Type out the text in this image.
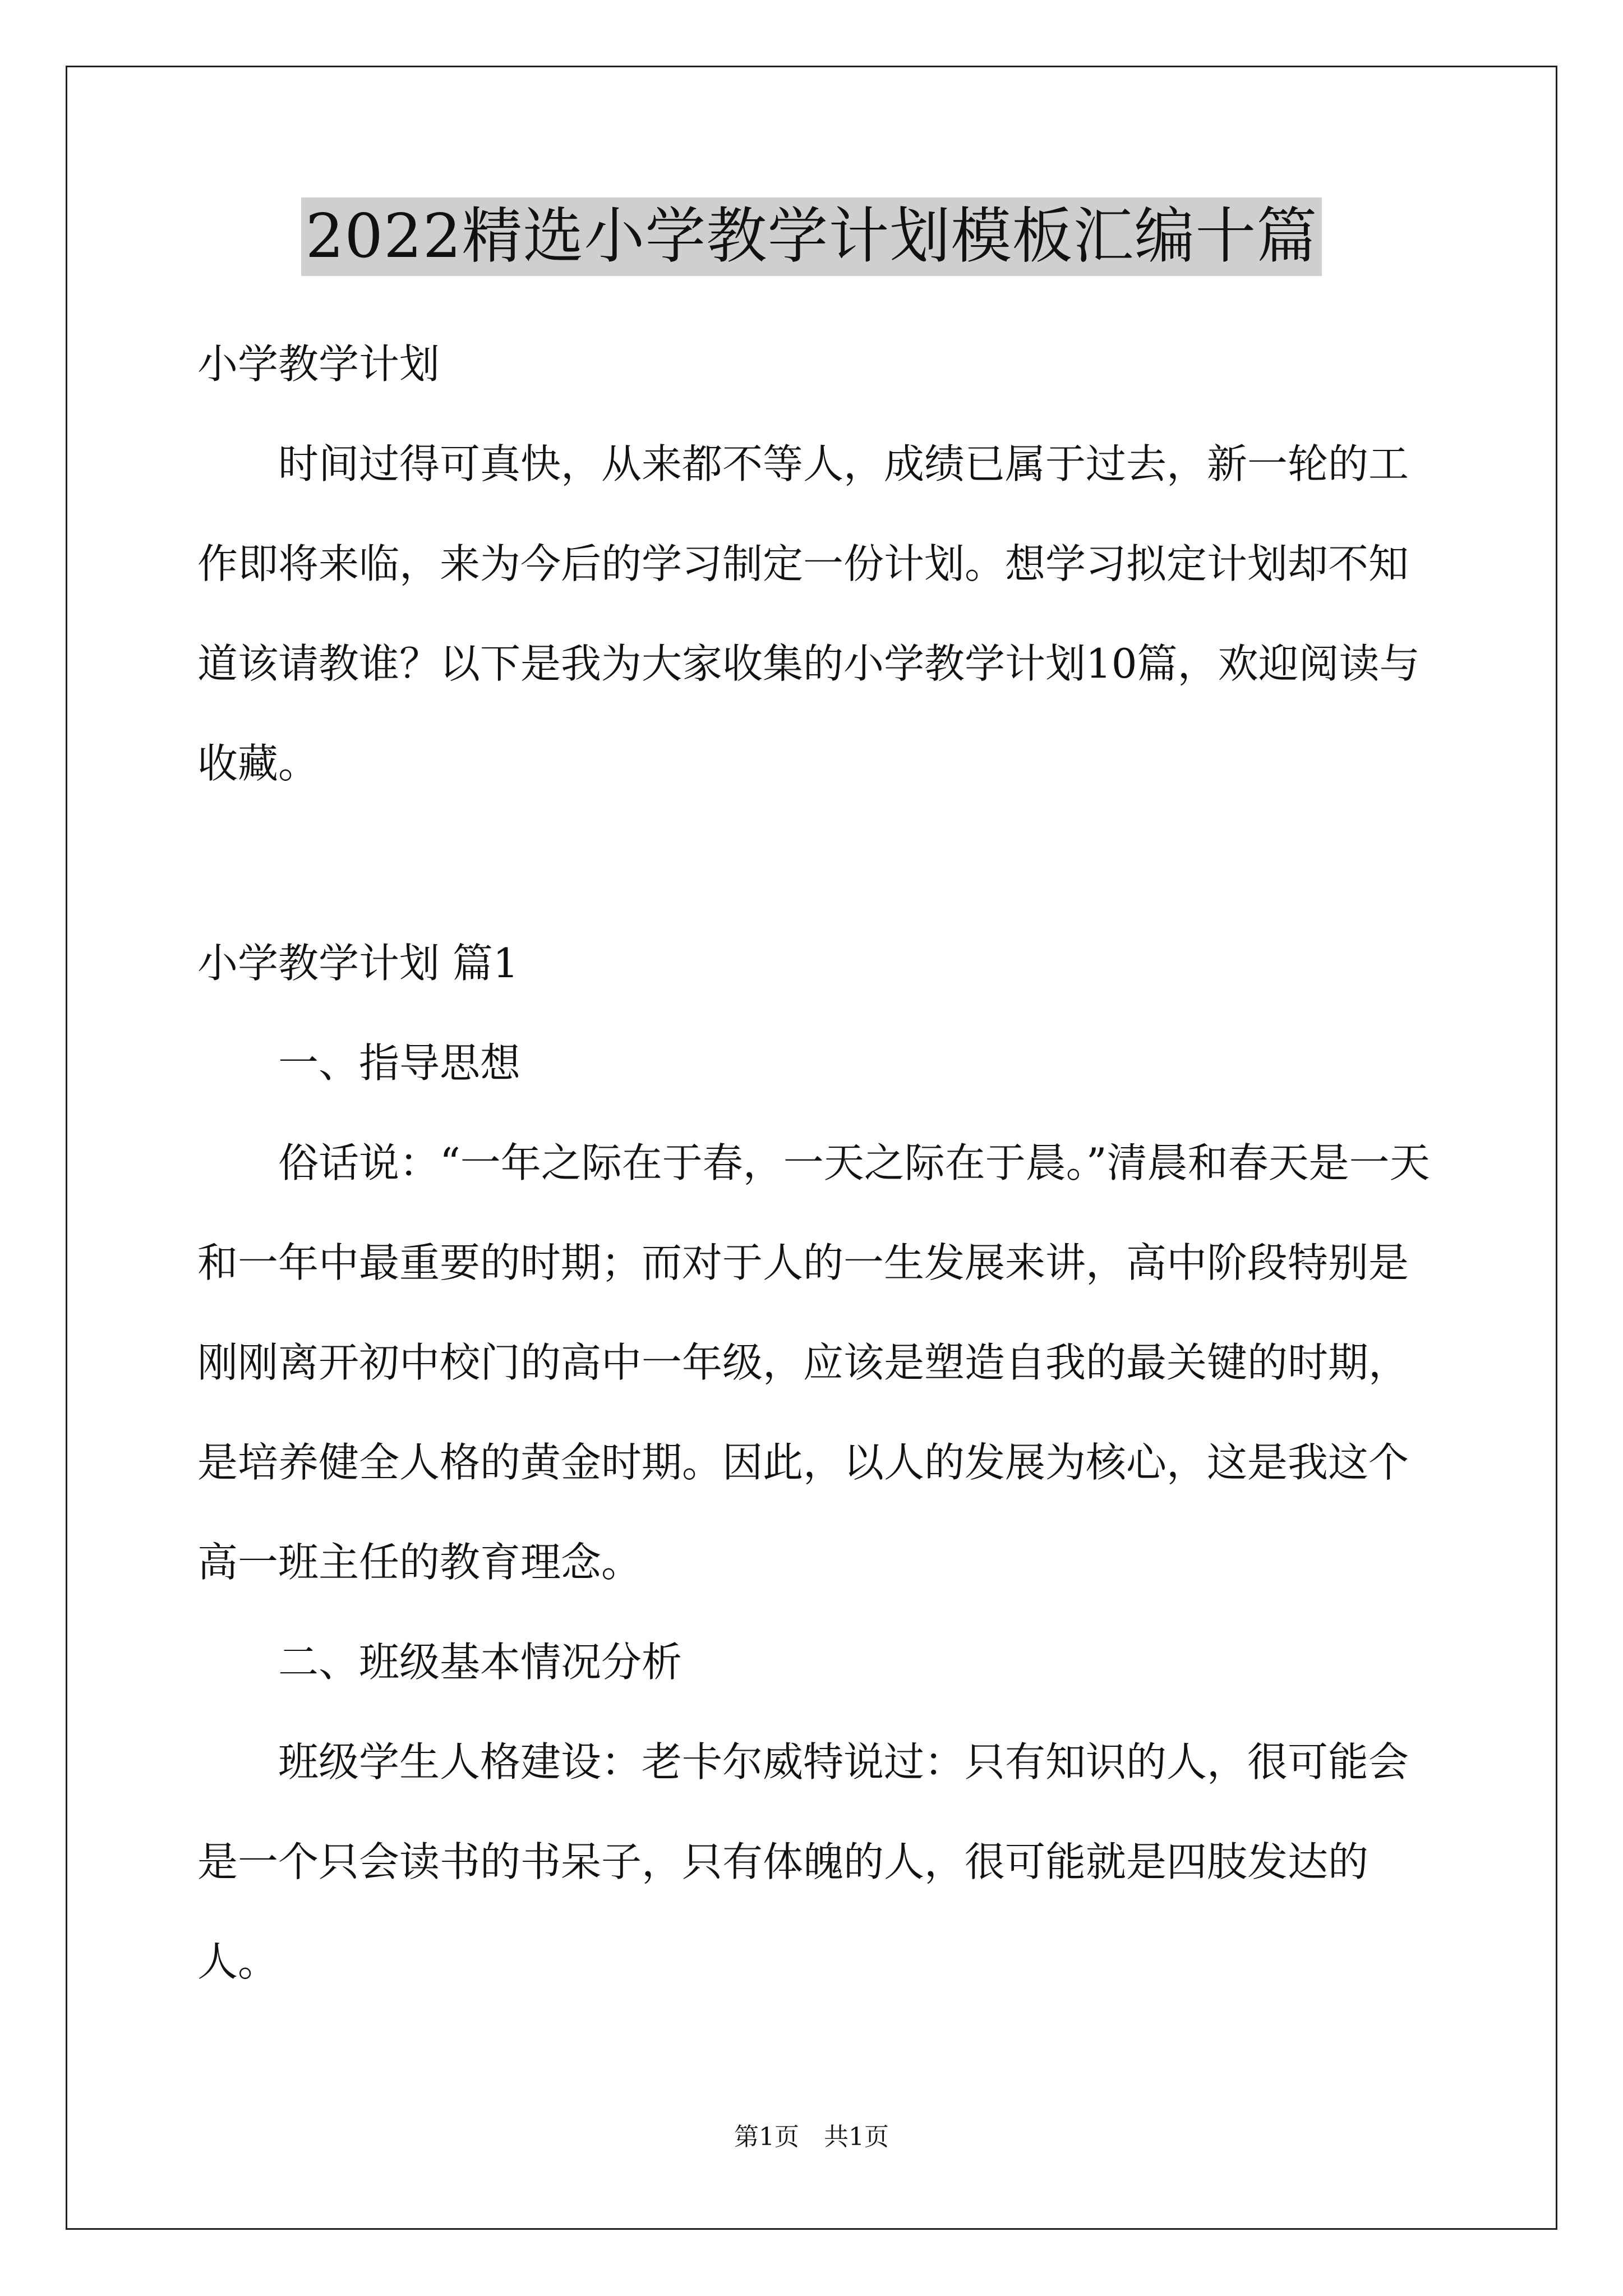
2022精选小学教学计划模板汇编十篇

小学教学计划

时间过得可真快，从来都不等人，成绩已属于过去，新一轮的工作即将来临，来为今后的学习制定一份计划。想学习拟定计划却不知道该请教谁？以下是我为大家收集的小学教学计划10篇，欢迎阅读与收藏。

小学教学计划 篇1

一、指导思想

俗话说：“一年之际在于春，一天之际在于晨。”清晨和春天是一天和一年中最重要的时期；而对于人的一生发展来讲，高中阶段特别是刚刚离开初中校门的高中一年级，应该是塑造自我的最关键的时期，是培养健全人格的黄金时期。因此，以人的发展为核心，这是我这个高一班主任的教育理念。

二、班级基本情况分析

班级学生人格建设：老卡尔威特说过：只有知识的人，很可能会是一个只会读书的书呆子，只有体魄的人，很可能就是四肢发达的人。

第1页　共1页
